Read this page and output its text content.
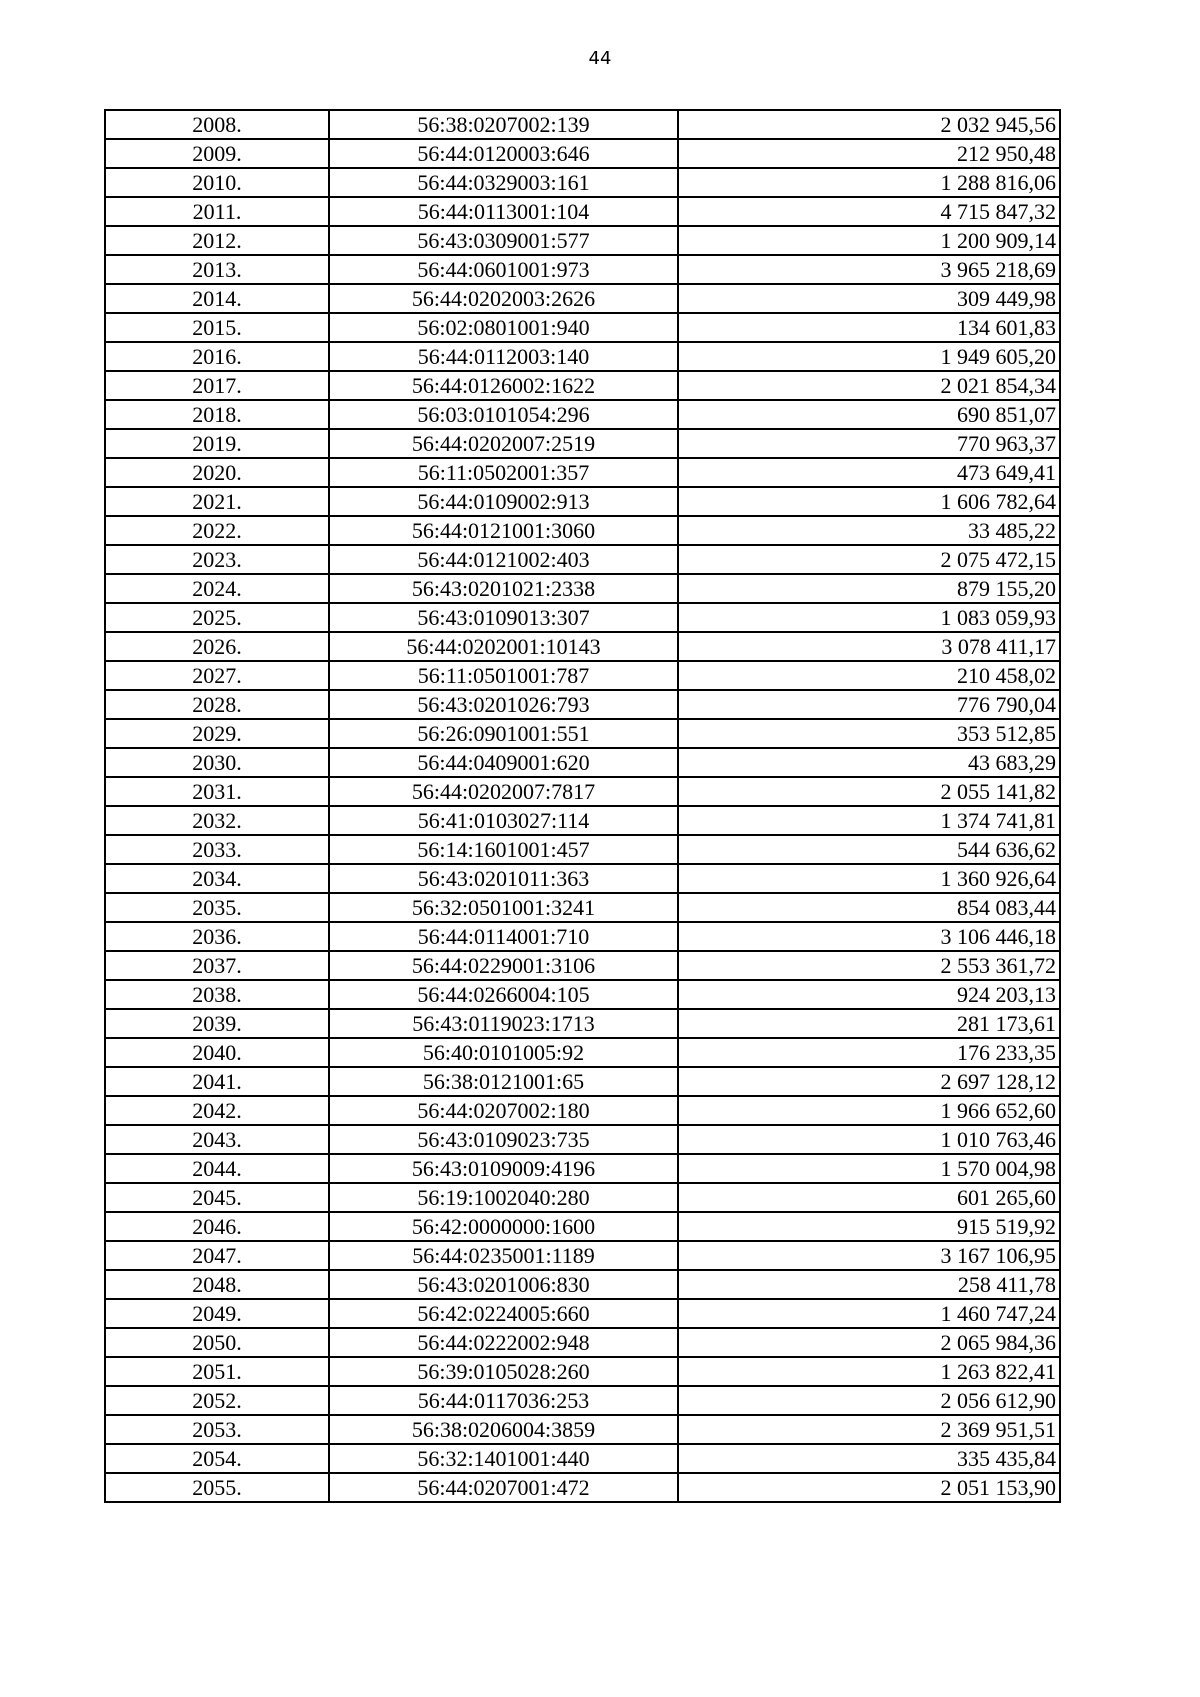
44
2008.	56:38:0207002:139	2 032 945,56
2009.	56:44:0120003:646	212 950,48
2010.	56:44:0329003:161	1 288 816,06
2011.	56:44:0113001:104	4 715 847,32
2012.	56:43:0309001:577	1 200 909,14
2013.	56:44:0601001:973	3 965 218,69
2014.	56:44:0202003:2626	309 449,98
2015.	56:02:0801001:940	134 601,83
2016.	56:44:0112003:140	1 949 605,20
2017.	56:44:0126002:1622	2 021 854,34
2018.	56:03:0101054:296	690 851,07
2019.	56:44:0202007:2519	770 963,37
2020.	56:11:0502001:357	473 649,41
2021.	56:44:0109002:913	1 606 782,64
2022.	56:44:0121001:3060	33 485,22
2023.	56:44:0121002:403	2 075 472,15
2024.	56:43:0201021:2338	879 155,20
2025.	56:43:0109013:307	1 083 059,93
2026.	56:44:0202001:10143	3 078 411,17
2027.	56:11:0501001:787	210 458,02
2028.	56:43:0201026:793	776 790,04
2029.	56:26:0901001:551	353 512,85
2030.	56:44:0409001:620	43 683,29
2031.	56:44:0202007:7817	2 055 141,82
2032.	56:41:0103027:114	1 374 741,81
2033.	56:14:1601001:457	544 636,62
2034.	56:43:0201011:363	1 360 926,64
2035.	56:32:0501001:3241	854 083,44
2036.	56:44:0114001:710	3 106 446,18
2037.	56:44:0229001:3106	2 553 361,72
2038.	56:44:0266004:105	924 203,13
2039.	56:43:0119023:1713	281 173,61
2040.	56:40:0101005:92	176 233,35
2041.	56:38:0121001:65	2 697 128,12
2042.	56:44:0207002:180	1 966 652,60
2043.	56:43:0109023:735	1 010 763,46
2044.	56:43:0109009:4196	1 570 004,98
2045.	56:19:1002040:280	601 265,60
2046.	56:42:0000000:1600	915 519,92
2047.	56:44:0235001:1189	3 167 106,95
2048.	56:43:0201006:830	258 411,78
2049.	56:42:0224005:660	1 460 747,24
2050.	56:44:0222002:948	2 065 984,36
2051.	56:39:0105028:260	1 263 822,41
2052.	56:44:0117036:253	2 056 612,90
2053.	56:38:0206004:3859	2 369 951,51
2054.	56:32:1401001:440	335 435,84
2055.	56:44:0207001:472	2 051 153,90
